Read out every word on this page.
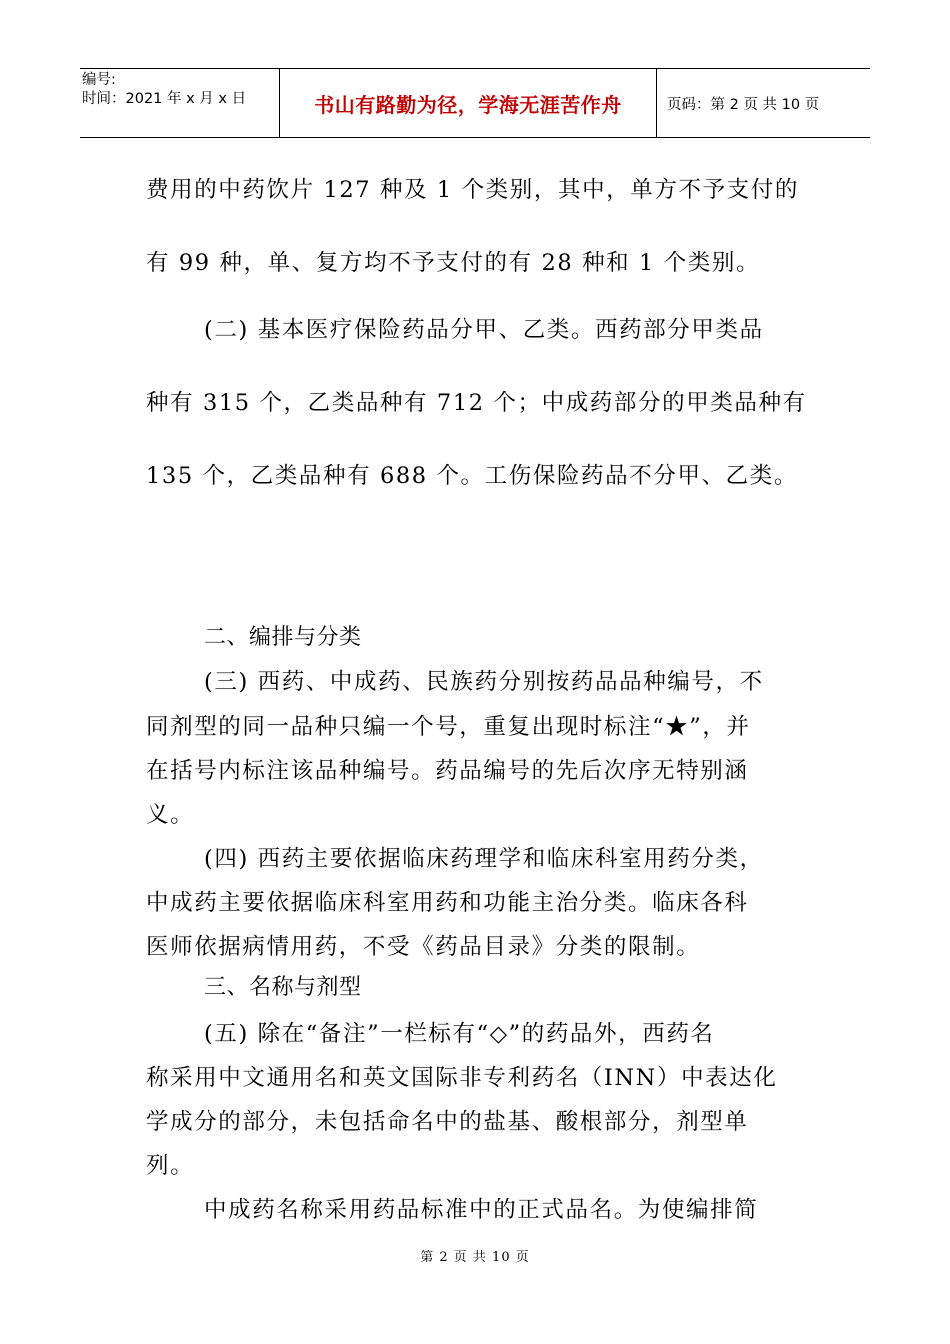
编号:
时间：2021 年 x 月 x 日	书山有路勤为径，学海无涯苦作舟	页码：第 2 页 共 10 页
费用的中药饮片 127 种及 1 个类别，其中，单方不予支付的
有 99 种，单、复方均不予支付的有 28 种和 1 个类别。
(二) 基本医疗保险药品分甲、乙类。西药部分甲类品
种有 315 个，乙类品种有 712 个；中成药部分的甲类品种有
135 个，乙类品种有 688 个。工伤保险药品不分甲、乙类。
二、编排与分类
(三) 西药、中成药、民族药分别按药品品种编号，不
同剂型的同一品种只编一个号，重复出现时标注“★”，并
在括号内标注该品种编号。药品编号的先后次序无特别涵
义。
(四) 西药主要依据临床药理学和临床科室用药分类，
中成药主要依据临床科室用药和功能主治分类。临床各科
医师依据病情用药，不受《药品目录》分类的限制。
三、名称与剂型
(五) 除在“备注”一栏标有“◇”的药品外，西药名
称采用中文通用名和英文国际非专利药名（INN）中表达化
学成分的部分，未包括命名中的盐基、酸根部分，剂型单
列。
中成药名称采用药品标准中的正式品名。为使编排简
第 2 页 共 10 页
